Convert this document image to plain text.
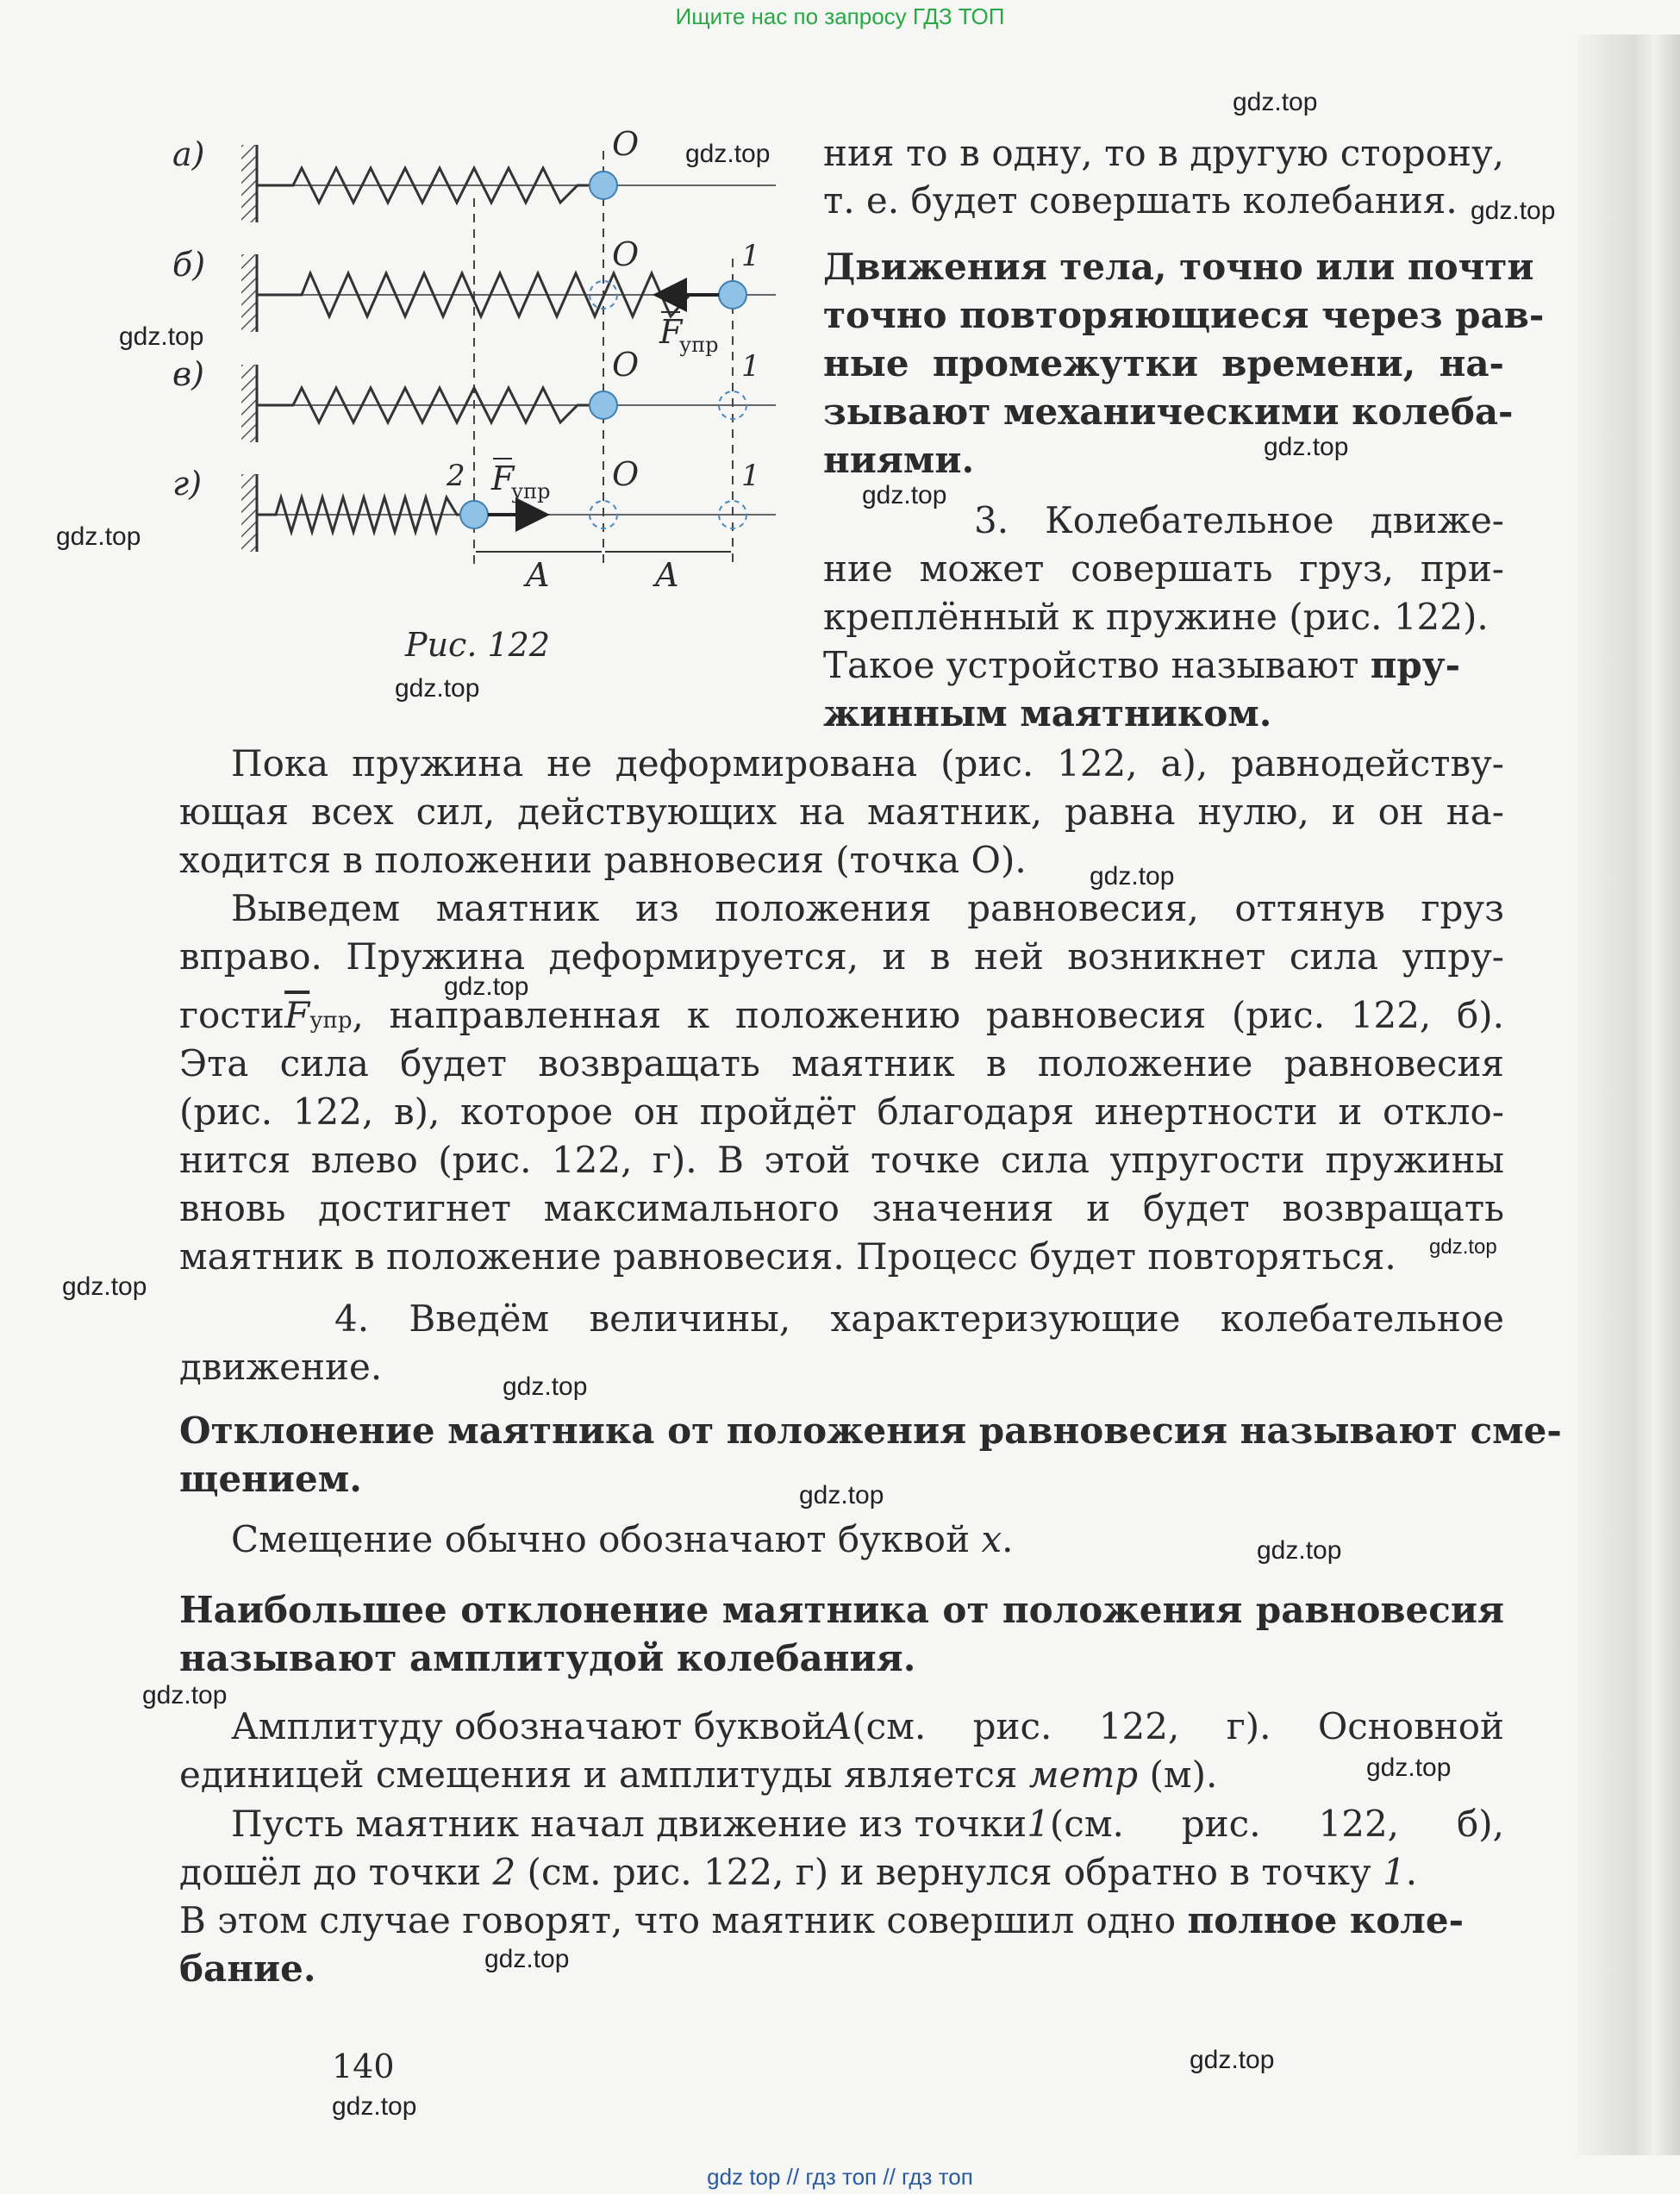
Ищите нас по запросу ГДЗ ТОП
а)
б)
в)
г)
O
O	1
O	1
O	1
2
A	A
F
упр
F
упр
Рис. 122
ния то в одну, то в другую сторону,
т. е. будет совершать колебания.
Движения тела, точно или почти
точно повторяющиеся через рав-
ные промежутки времени, на-
зывают механическими колеба-
ниями.
3. Колебательное движе-
ние может совершать груз, при-
креплённый к пружине (рис. 122).
Такое устройство называют пру-
жинным маятником.
Пока пружина не деформирована (рис. 122, а), равнодейству-
ющая всех сил, действующих на маятник, равна нулю, и он на-
ходится в положении равновесия (точка O).
Выведем маятник из положения равновесия, оттянув груз
вправо. Пружина деформируется, и в ней возникнет сила упру-
гости $\overline{F}$ упр , направленная к положению равновесия (рис. 122, б).
Эта сила будет возвращать маятник в положение равновесия
(рис. 122, в), которое он пройдёт благодаря инертности и откло-
нится влево (рис. 122, г). В этой точке сила упругости пружины
вновь достигнет максимального значения и будет возвращать
маятник в положение равновесия. Процесс будет повторяться.
4. Введём величины, характеризующие колебательное
движение.
Отклонение маятника от положения равновесия называют сме-
щением.
Смещение обычно обозначают буквой x.
Наибольшее отклонение маятника от положения равновесия
называют амплитудой колебания.
Амплитуду обозначают буквой A (см. рис. 122, г). Основной
единицей смещения и амплитуды является метр (м).
Пусть маятник начал движение из точки 1 (см. рис. 122, б),
дошёл до точки 2 (см. рис. 122, г) и вернулся обратно в точку 1.
В этом случае говорят, что маятник совершил одно полное коле-
бание.
140
gdz.top
gdz.top
gdz.top
gdz.top
gdz.top
gdz.top
gdz.top
gdz.top
gdz.top
gdz.top
gdz.top
gdz.top
gdz.top
gdz.top
gdz.top
gdz.top
gdz.top
gdz.top
gdz.top
gdz.top
gdz top // гдз топ // гдз топ
